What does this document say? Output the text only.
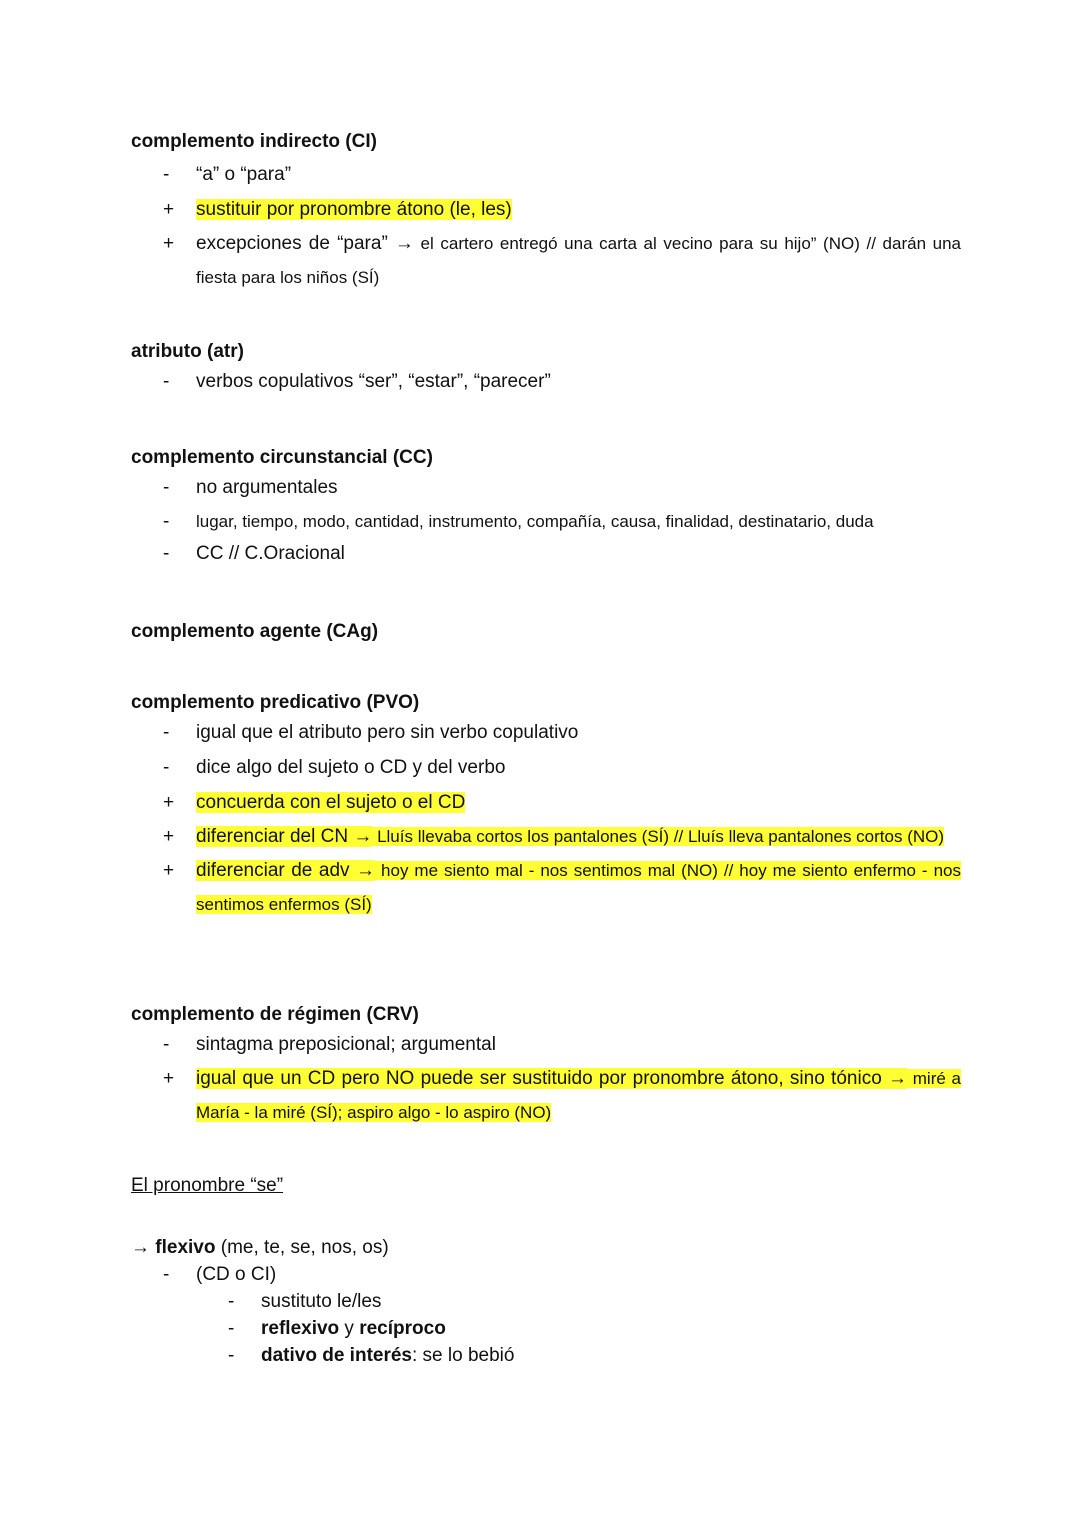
complemento indirecto (CI)
-	“a” o “para”
+	sustituir por pronombre átono (le, les)
+	excepciones de “para” → el cartero entregó una carta al vecino para su hijo” (NO) // darán una fiesta para los niños (SÍ)
atributo (atr)
-	verbos copulativos “ser”, “estar”, “parecer”
complemento circunstancial (CC)
-	no argumentales
-	lugar, tiempo, modo, cantidad, instrumento, compañía, causa, finalidad, destinatario, duda
-	CC // C.Oracional
complemento agente (CAg)
complemento predicativo (PVO)
-	igual que el atributo pero sin verbo copulativo
-	dice algo del sujeto o CD y del verbo
+	concuerda con el sujeto o el CD
+	diferenciar del CN → Lluís llevaba cortos los pantalones (SÍ) // Lluís lleva pantalones cortos (NO)
+	diferenciar de adv → hoy me siento mal - nos sentimos mal (NO) // hoy me siento enfermo - nos sentimos enfermos (SÍ)
complemento de régimen (CRV)
-	sintagma preposicional; argumental
+	igual que un CD pero NO puede ser sustituido por pronombre átono, sino tónico → miré a María - la miré (SÍ); aspiro algo - lo aspiro (NO)
El pronombre “se”
→ flexivo (me, te, se, nos, os)
- (CD o CI)
- sustituto le/les
- reflexivo y recíproco
- dativo de interés: se lo bebió
